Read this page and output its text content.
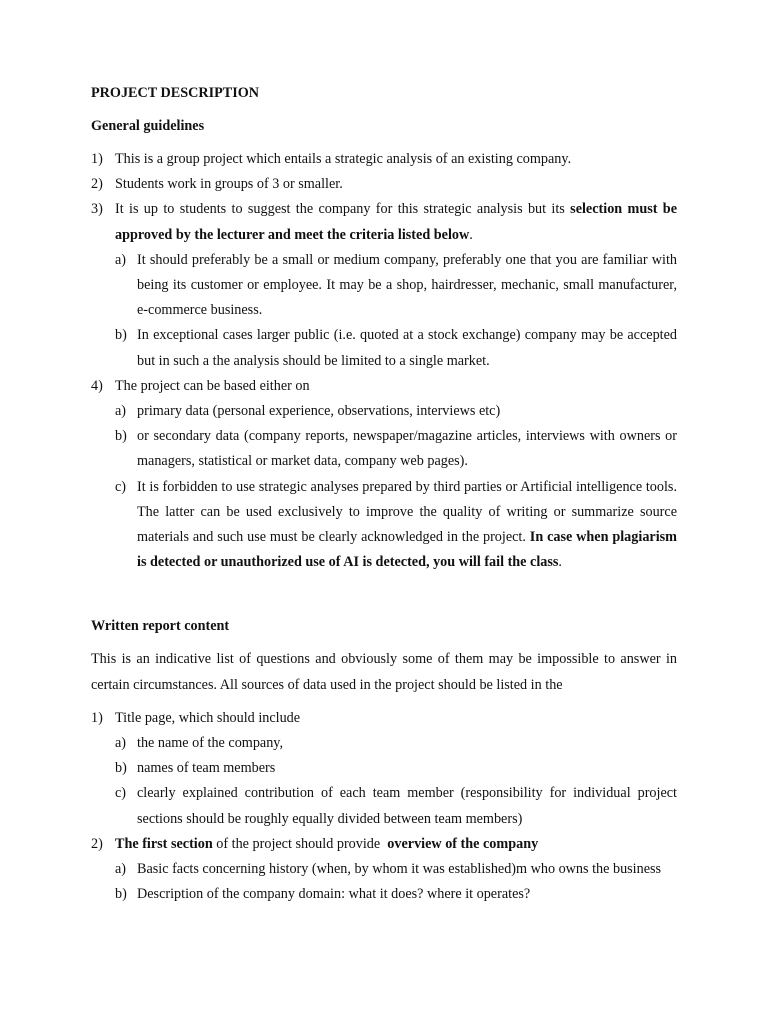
PROJECT DESCRIPTION
General guidelines
1) This is a group project which entails a strategic analysis of an existing company.
2) Students work in groups of 3 or smaller.
3) It is up to students to suggest the company for this strategic analysis but its selection must be approved by the lecturer and meet the criteria listed below.
a) It should preferably be a small or medium company, preferably one that you are familiar with being its customer or employee. It may be a shop, hairdresser, mechanic, small manufacturer, e-commerce business.
b) In exceptional cases larger public (i.e. quoted at a stock exchange) company may be accepted but in such a the analysis should be limited to a single market.
4) The project can be based either on
a) primary data (personal experience, observations, interviews etc)
b) or secondary data (company reports, newspaper/magazine articles, interviews with owners or managers, statistical or market data, company web pages).
c) It is forbidden to use strategic analyses prepared by third parties or Artificial intelligence tools. The latter can be used exclusively to improve the quality of writing or summarize source materials and such use must be clearly acknowledged in the project. In case when plagiarism is detected or unauthorized use of AI is detected, you will fail the class.
Written report content
This is an indicative list of questions and obviously some of them may be impossible to answer in certain circumstances. All sources of data used in the project should be listed in the
1) Title page, which should include
a) the name of the company,
b) names of team members
c) clearly explained contribution of each team member (responsibility for individual project sections should be roughly equally divided between team members)
2) The first section of the project should provide  overview of the company
a) Basic facts concerning history (when, by whom it was established)m who owns the business
b) Description of the company domain: what it does? where it operates?
